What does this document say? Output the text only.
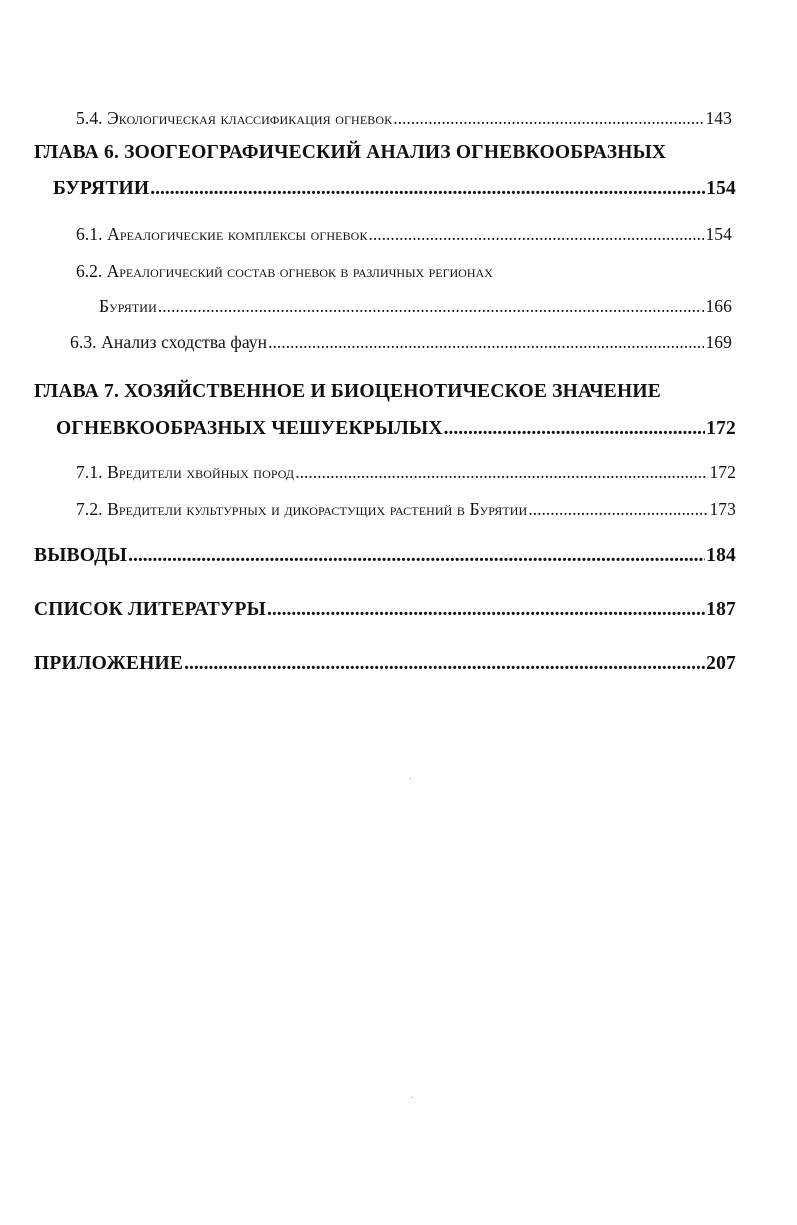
5.4. Экологическая классификация огневок .....	143
ГЛАВА 6. ЗООГЕОГРАФИЧЕСКИЙ АНАЛИЗ ОГНЕВКООБРАЗНЫХ
БУРЯТИИ .....	154
6.1. Ареалогические комплексы огневок .....	154
6.2. Ареалогический состав огневок в различных регионах
Бурятии .....	.166
6.3. Анализ сходства фаун .....	169
ГЛАВА 7. ХОЗЯЙСТВЕННОЕ И БИОЦЕНОТИЧЕСКОЕ ЗНАЧЕНИЕ
ОГНЕВКООБРАЗНЫХ ЧЕШУЕКРЫЛЫХ .....	172
7.1. Вредители хвойных пород .....	172
7.2. Вредители культурных и дикорастущих растений в Бурятии .....	173
ВЫВОДЫ .....	184
СПИСОК ЛИТЕРАТУРЫ .....	187
ПРИЛОЖЕНИЕ .....	207
